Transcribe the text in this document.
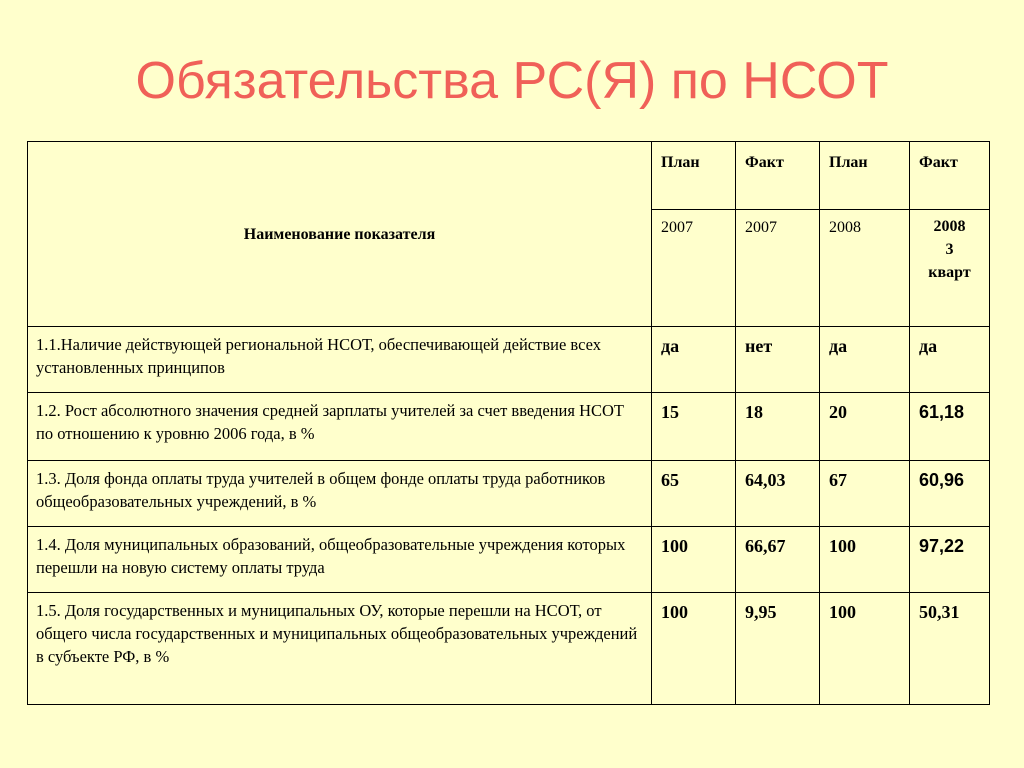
Обязательства РС(Я) по НСОТ
Наименование показателя	План	Факт	План	Факт
	2007	2007	2008	2008
3
кварт

1.1.Наличие действующей региональной НСОТ, обеспечивающей действие всех установленных принципов	да	нет	да	да
1.2. Рост абсолютного значения средней зарплаты учителей за счет введения НСОТ по отношению к уровню 2006 года, в %	15	18	20	61,18
1.3. Доля фонда оплаты труда учителей в общем фонде оплаты труда работников общеобразовательных учреждений, в %	65	64,03	67	60,96
1.4. Доля муниципальных образований, общеобразовательные учреждения которых перешли на новую систему оплаты труда	100	66,67	100	97,22
1.5. Доля государственных и муниципальных ОУ, которые перешли на НСОТ, от общего числа государственных и муниципальных общеобразовательных учреждений в субъекте РФ, в %	100	9,95	100	50,31
